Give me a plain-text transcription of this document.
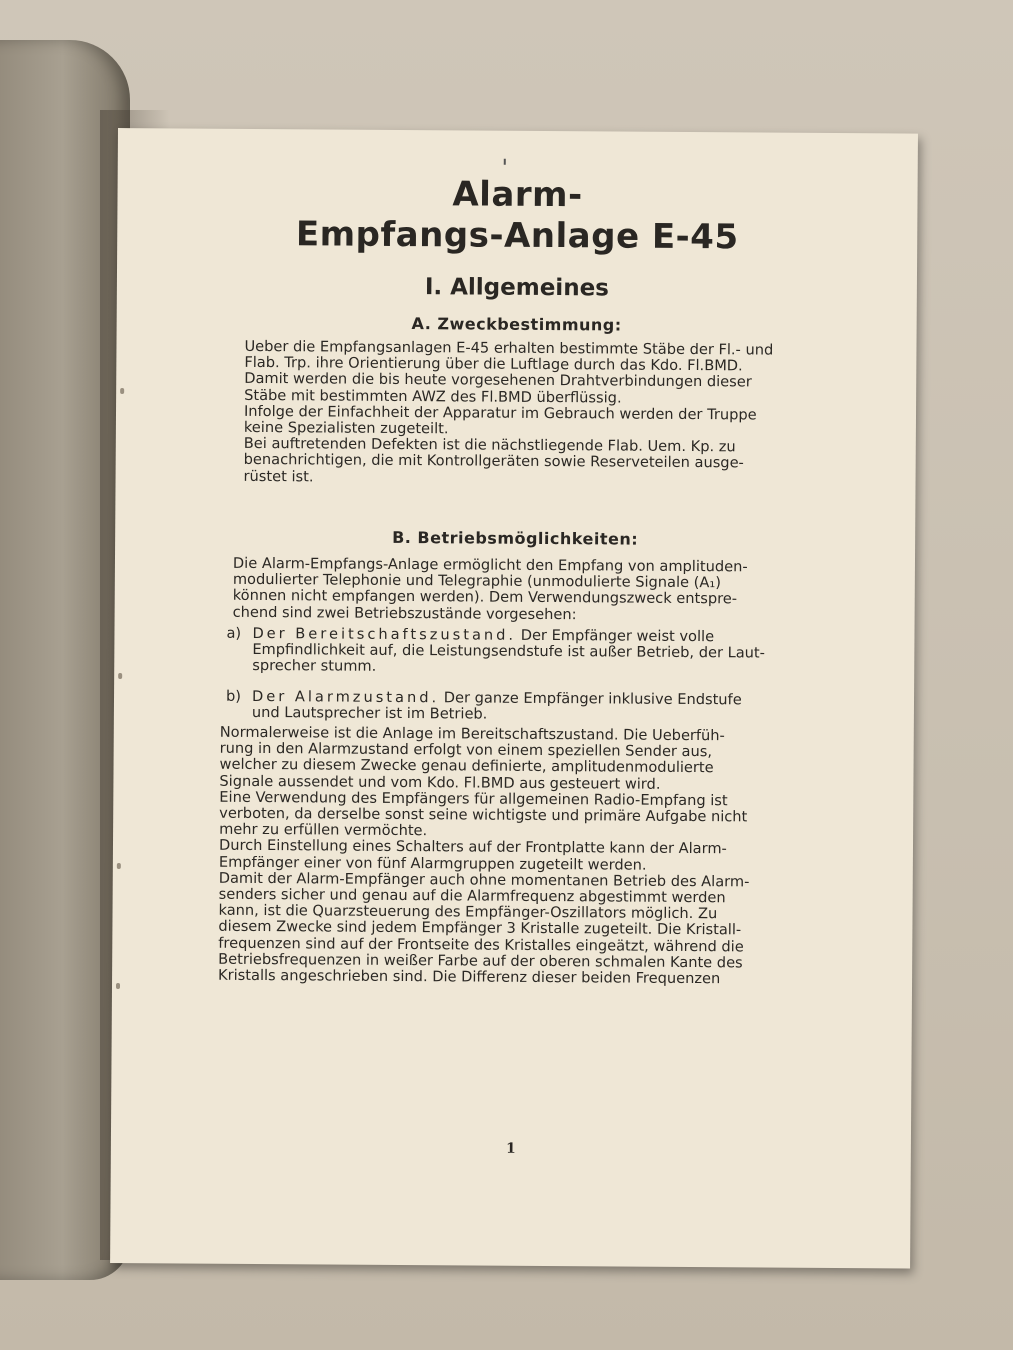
Alarm-
Empfangs-Anlage E-45
I. Allgemeines
A. Zweckbestimmung:
Ueber die Empfangsanlagen E-45 erhalten bestimmte Stäbe der Fl.- und
Flab. Trp. ihre Orientierung über die Luftlage durch das Kdo. Fl.BMD.
Damit werden die bis heute vorgesehenen Drahtverbindungen dieser
Stäbe mit bestimmten AWZ des Fl.BMD überflüssig.
Infolge der Einfachheit der Apparatur im Gebrauch werden der Truppe
keine Spezialisten zugeteilt.
Bei auftretenden Defekten ist die nächstliegende Flab. Uem. Kp. zu
benachrichtigen, die mit Kontrollgeräten sowie Reserveteilen ausge-
rüstet ist.
B. Betriebsmöglichkeiten:
Die Alarm-Empfangs-Anlage ermöglicht den Empfang von amplituden-
modulierter Telephonie und Telegraphie (unmodulierte Signale (A₁)
können nicht empfangen werden). Dem Verwendungszweck entspre-
chend sind zwei Betriebszustände vorgesehen:
a) Der Bereitschaftszustand. Der Empfänger weist volle
Empfindlichkeit auf, die Leistungsendstufe ist außer Betrieb, der Laut-
sprecher stumm.
b) Der Alarmzustand. Der ganze Empfänger inklusive Endstufe
und Lautsprecher ist im Betrieb.
Normalerweise ist die Anlage im Bereitschaftszustand. Die Ueberfüh-
rung in den Alarmzustand erfolgt von einem speziellen Sender aus,
welcher zu diesem Zwecke genau definierte, amplitudenmodulierte
Signale aussendet und vom Kdo. Fl.BMD aus gesteuert wird.
Eine Verwendung des Empfängers für allgemeinen Radio-Empfang ist
verboten, da derselbe sonst seine wichtigste und primäre Aufgabe nicht
mehr zu erfüllen vermöchte.
Durch Einstellung eines Schalters auf der Frontplatte kann der Alarm-
Empfänger einer von fünf Alarmgruppen zugeteilt werden.
Damit der Alarm-Empfänger auch ohne momentanen Betrieb des Alarm-
senders sicher und genau auf die Alarmfrequenz abgestimmt werden
kann, ist die Quarzsteuerung des Empfänger-Oszillators möglich. Zu
diesem Zwecke sind jedem Empfänger 3 Kristalle zugeteilt. Die Kristall-
frequenzen sind auf der Frontseite des Kristalles eingeätzt, während die
Betriebsfrequenzen in weißer Farbe auf der oberen schmalen Kante des
Kristalls angeschrieben sind. Die Differenz dieser beiden Frequenzen
1
